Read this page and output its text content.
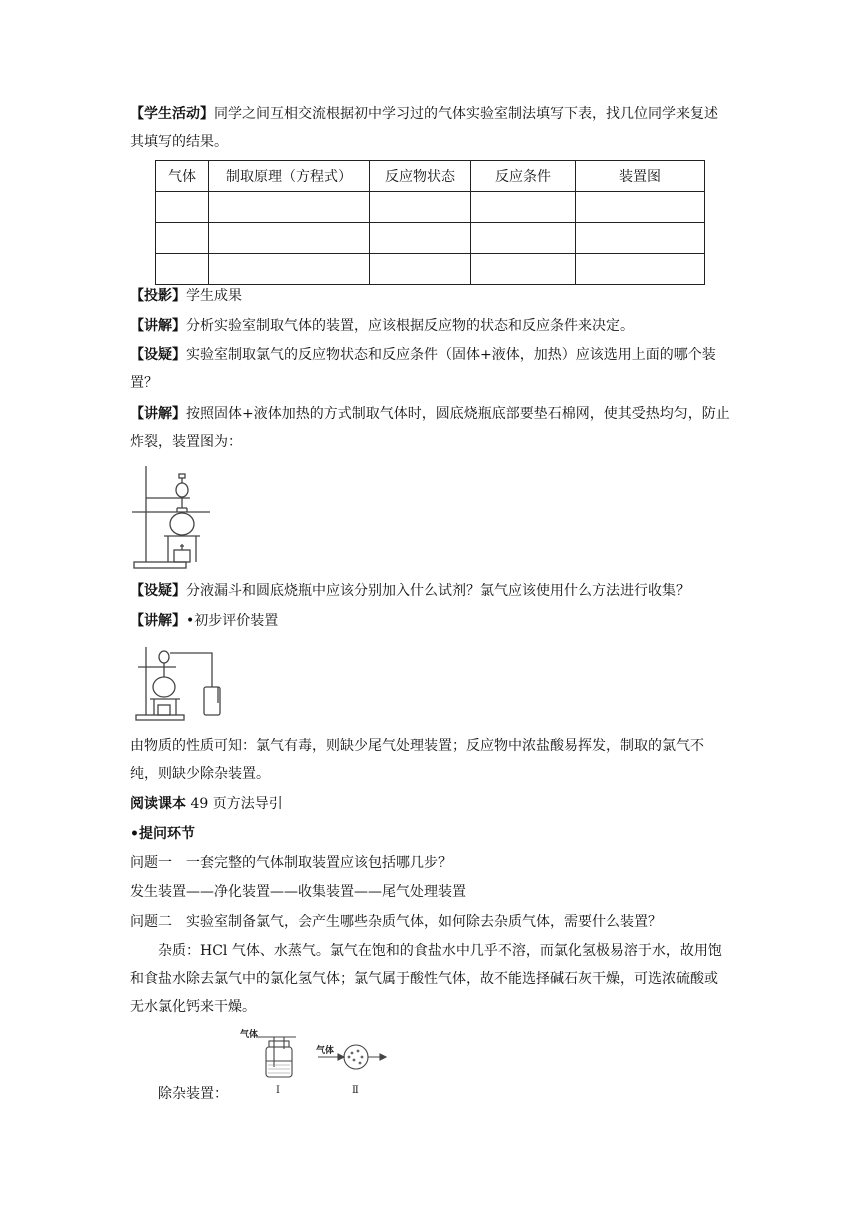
【学生活动】同学之间互相交流根据初中学习过的气体实验室制法填写下表，找几位同学来复述其填写的结果。

气体	制取原理（方程式）	反应物状态	反应条件	装置图

【投影】学生成果

【讲解】分析实验室制取气体的装置，应该根据反应物的状态和反应条件来决定。

【设疑】实验室制取氯气的反应物状态和反应条件（固体+液体，加热）应该选用上面的哪个装置？

【讲解】按照固体+液体加热的方式制取气体时，圆底烧瓶底部要垫石棉网，使其受热均匀，防止炸裂，装置图为：

【设疑】分液漏斗和圆底烧瓶中应该分别加入什么试剂？氯气应该使用什么方法进行收集？

【讲解】•初步评价装置

由物质的性质可知：氯气有毒，则缺少尾气处理装置；反应物中浓盐酸易挥发，制取的氯气不纯，则缺少除杂装置。

阅读课本 49 页方法导引

•提问环节

问题一　一套完整的气体制取装置应该包括哪几步？

发生装置——净化装置——收集装置——尾气处理装置

问题二　实验室制备氯气，会产生哪些杂质气体，如何除去杂质气体，需要什么装置？

杂质：HCl 气体、水蒸气。氯气在饱和的食盐水中几乎不溶，而氯化氢极易溶于水，故用饱和食盐水除去氯气中的氯化氢气体；氯气属于酸性气体，故不能选择碱石灰干燥，可选浓硫酸或无水氯化钙来干燥。

除杂装置：

气体
气体
Ⅰ	Ⅱ
